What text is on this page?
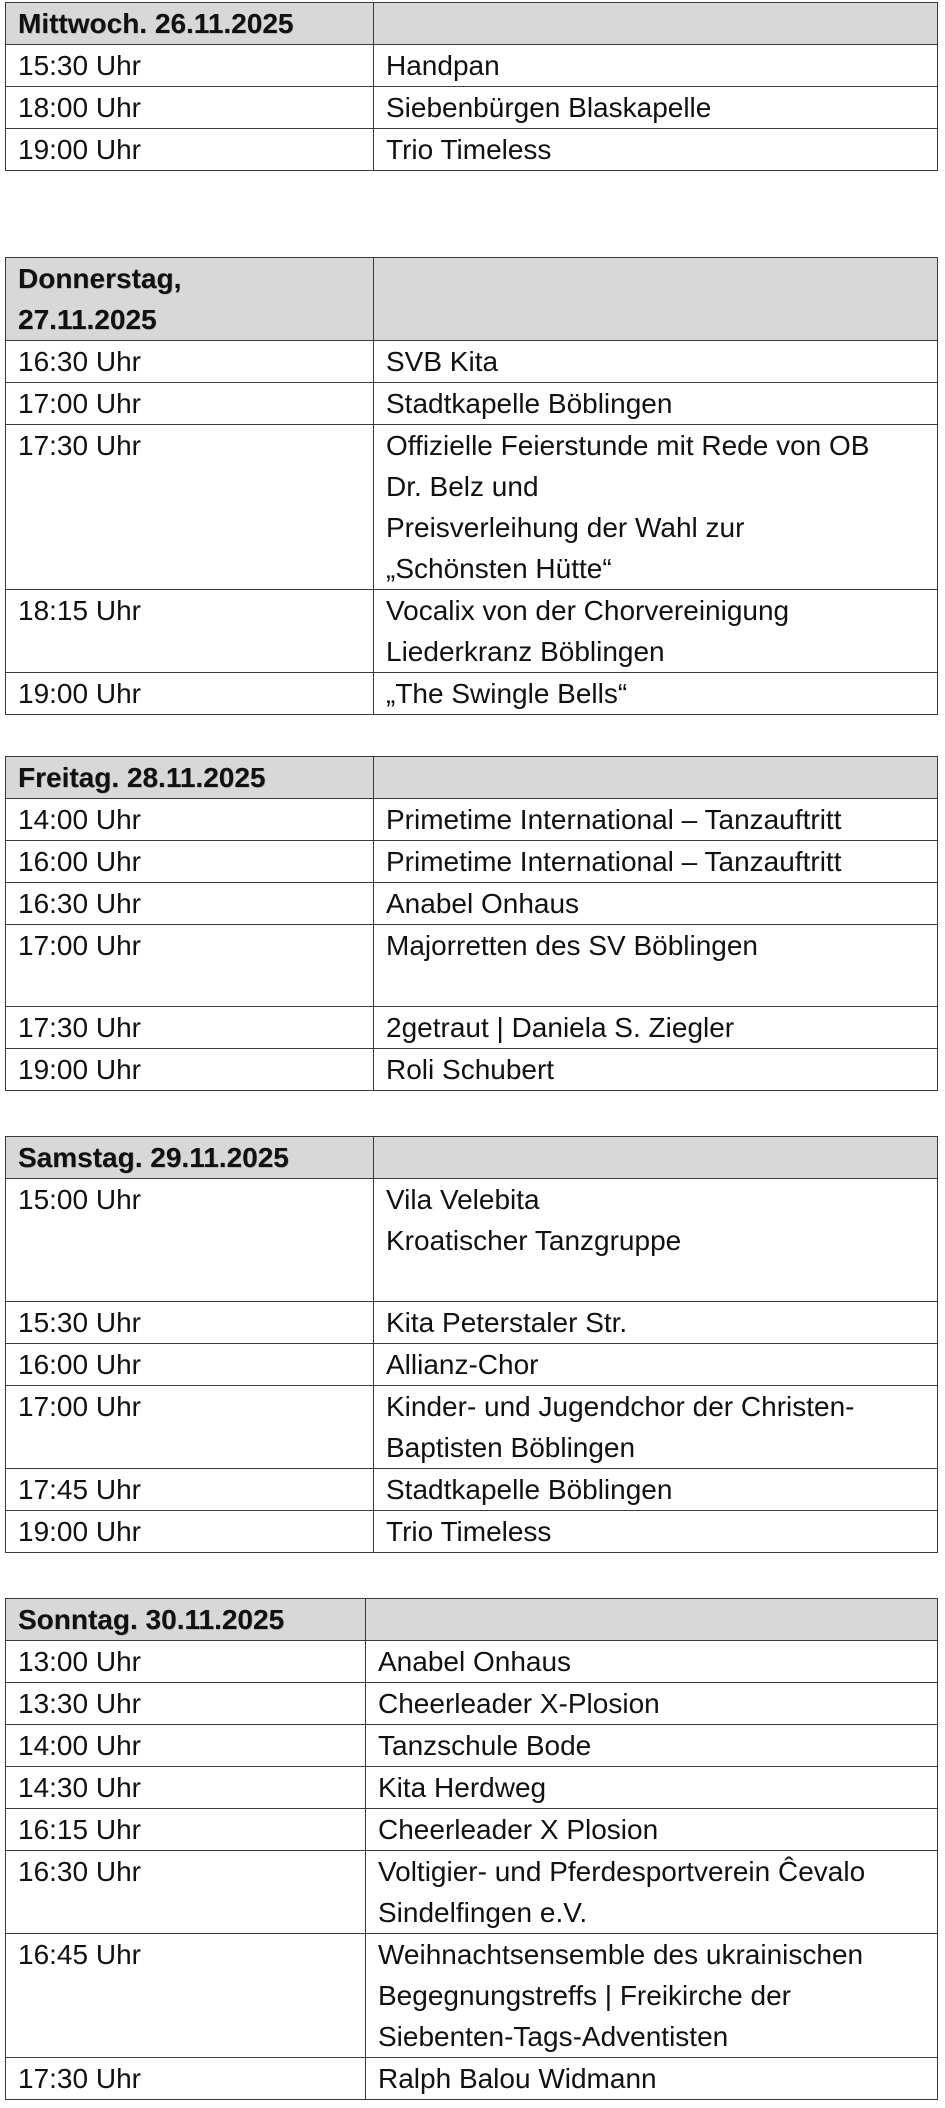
Mittwoch. 26.11.2025	
15:30 Uhr	Handpan
18:00 Uhr	Siebenbürgen Blaskapelle
19:00 Uhr	Trio Timeless
Donnerstag,
27.11.2025	
16:30 Uhr	SVB Kita
17:00 Uhr	Stadtkapelle Böblingen
17:30 Uhr	Offizielle Feierstunde mit Rede von OB
Dr. Belz und
Preisverleihung der Wahl zur
„Schönsten Hütte“
18:15 Uhr	Vocalix von der Chorvereinigung
Liederkranz Böblingen
19:00 Uhr	„The Swingle Bells“
Freitag. 28.11.2025	
14:00 Uhr	Primetime International – Tanzauftritt
16:00 Uhr	Primetime International – Tanzauftritt
16:30 Uhr	Anabel Onhaus
17:00 Uhr	Majorretten des SV Böblingen
17:30 Uhr	2getraut | Daniela S. Ziegler
19:00 Uhr	Roli Schubert
Samstag. 29.11.2025	
15:00 Uhr	Vila Velebita
Kroatischer Tanzgruppe
15:30 Uhr	Kita Peterstaler Str.
16:00 Uhr	Allianz-Chor
17:00 Uhr	Kinder- und Jugendchor der Christen-
Baptisten Böblingen
17:45 Uhr	Stadtkapelle Böblingen
19:00 Uhr	Trio Timeless
Sonntag. 30.11.2025	
13:00 Uhr	Anabel Onhaus
13:30 Uhr	Cheerleader X-Plosion
14:00 Uhr	Tanzschule Bode
14:30 Uhr	Kita Herdweg
16:15 Uhr	Cheerleader X Plosion
16:30 Uhr	Voltigier- und Pferdesportverein Ĉevalo
Sindelfingen e.V.
16:45 Uhr	Weihnachtsensemble des ukrainischen
Begegnungstreffs | Freikirche der
Siebenten-Tags-Adventisten
17:30 Uhr	Ralph Balou Widmann
